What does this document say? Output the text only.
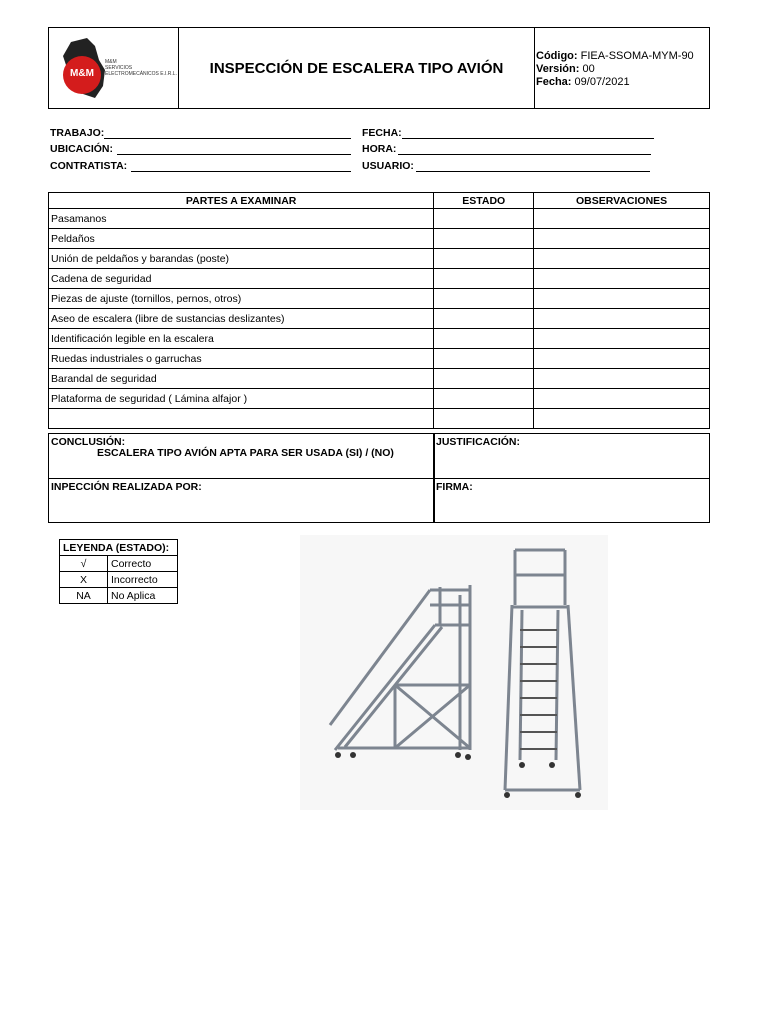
M&M
M&M
SERVICIOS
ELECTROMECÁNICOS E.I.R.L.	INSPECCIÓN DE ESCALERA TIPO AVIÓN
Código: FIEA-SSOMA-MYM-90
Versión: 00
Fecha: 09/07/2021
TRABAJO:
UBICACIÓN:
CONTRATISTA:
FECHA:
HORA:
USUARIO:
PARTES A EXAMINAR	ESTADO	OBSERVACIONES
Pasamanos		
Peldaños		
Unión de peldaños y barandas (poste)		
Cadena de seguridad		
Piezas de ajuste (tornillos, pernos, otros)		
Aseo de escalera (libre de sustancias deslizantes)		
Identificación legible en la escalera		
Ruedas industriales o garruchas		
Barandal de seguridad		
Plataforma de seguridad ( Lámina alfajor )		

CONCLUSIÓN:
ESCALERA TIPO AVIÓN APTA PARA SER USADA (SI) / (NO)
JUSTIFICACIÓN:
INPECCIÓN REALIZADA POR:	FIRMA:
LEYENDA (ESTADO):	
√	Correcto
X	Incorrecto
NA	No Aplica
